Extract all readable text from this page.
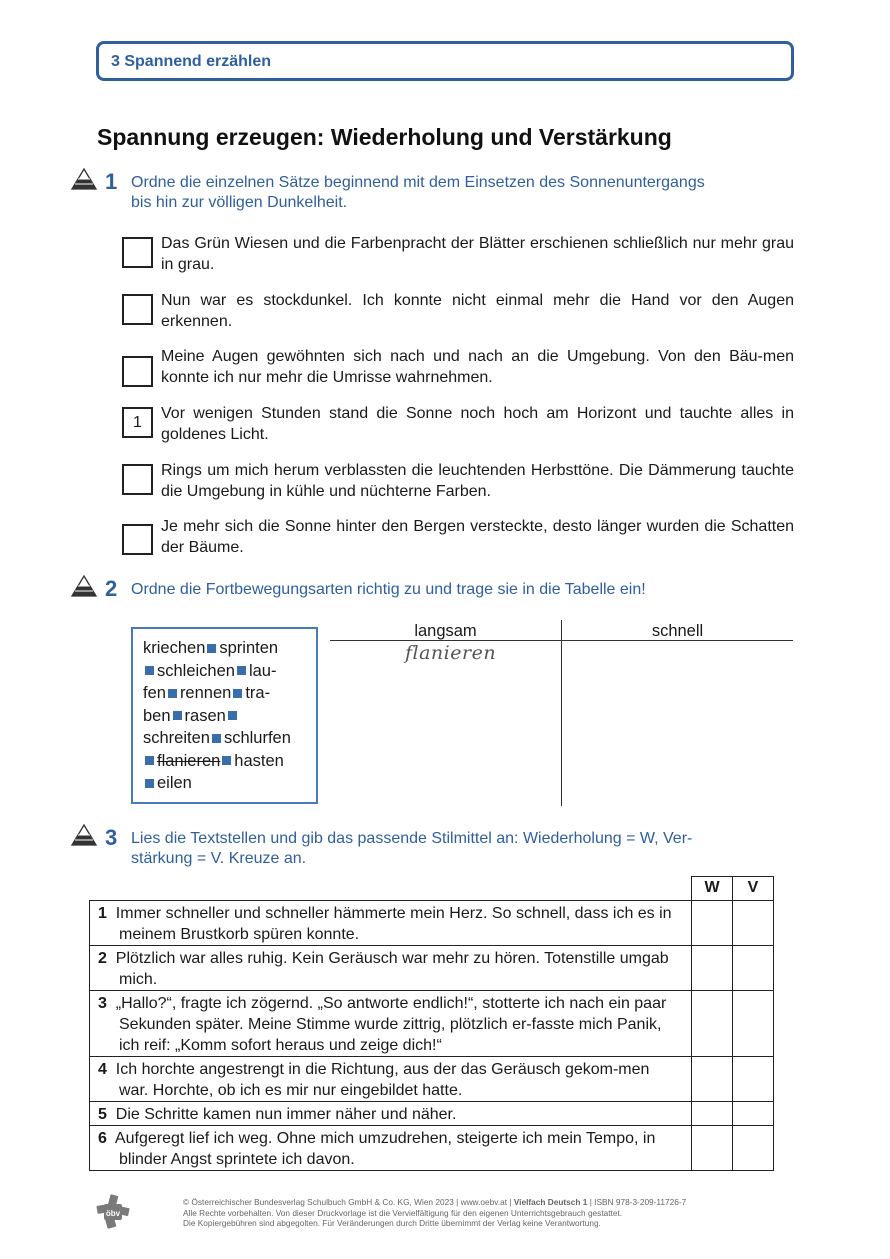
3 Spannend erzählen
Spannung erzeugen: Wiederholung und Verstärkung
1 Ordne die einzelnen Sätze beginnend mit dem Einsetzen des Sonnenuntergangs
bis hin zur völligen Dunkelheit.
Das Grün Wiesen und die Farbenpracht der Blätter erschienen schließlich nur mehr grau in grau.
Nun war es stockdunkel. Ich konnte nicht einmal mehr die Hand vor den Augen erkennen.
Meine Augen gewöhnten sich nach und nach an die Umgebung. Von den Bäu-men konnte ich nur mehr die Umrisse wahrnehmen.
1
Vor wenigen Stunden stand die Sonne noch hoch am Horizont und tauchte alles in goldenes Licht.
Rings um mich herum verblassten die leuchtenden Herbsttöne. Die Dämmerung tauchte die Umgebung in kühle und nüchterne Farben.
Je mehr sich die Sonne hinter den Bergen versteckte, desto länger wurden die Schatten der Bäume.
2 Ordne die Fortbewegungsarten richtig zu und trage sie in die Tabelle ein!
kriechen sprinten
schleichen lau-
fen rennen tra-
ben rasen
schreiten schlurfen
flanieren hasten
eilen
langsam	schnell
flanieren
3 Lies die Textstellen und gib das passende Stilmittel an: Wiederholung = W, Ver-
stärkung = V. Kreuze an.

	W	V

1 Immer schneller und schneller hämmerte mein Herz. So schnell, dass ich es in meinem Brustkorb spüren konnte.		

2 Plötzlich war alles ruhig. Kein Geräusch war mehr zu hören. Totenstille umgab mich.		

3 „Hallo?“, fragte ich zögernd. „So antworte endlich!“, stotterte ich nach ein paar Sekunden später. Meine Stimme wurde zittrig, plötzlich er-fasste mich Panik, ich reif: „Komm sofort heraus und zeige dich!“		

4 Ich horchte angestrengt in die Richtung, aus der das Geräusch gekom-men war. Horchte, ob ich es mir nur eingebildet hatte.		

5 Die Schritte kamen nun immer näher und näher.		

6 Aufgeregt lief ich weg. Ohne mich umzudrehen, steigerte ich mein Tempo, in blinder Angst sprintete ich davon.		

öbv
© Österreichischer Bundesverlag Schulbuch GmbH & Co. KG, Wien 2023 | www.oebv.at | Vielfach Deutsch 1 | ISBN 978-3-209-11726-7
Alle Rechte vorbehalten. Von dieser Druckvorlage ist die Vervielfältigung für den eigenen Unterrichtsgebrauch gestattet.
Die Kopiergebühren sind abgegolten. Für Veränderungen durch Dritte übernimmt der Verlag keine Verantwortung.
